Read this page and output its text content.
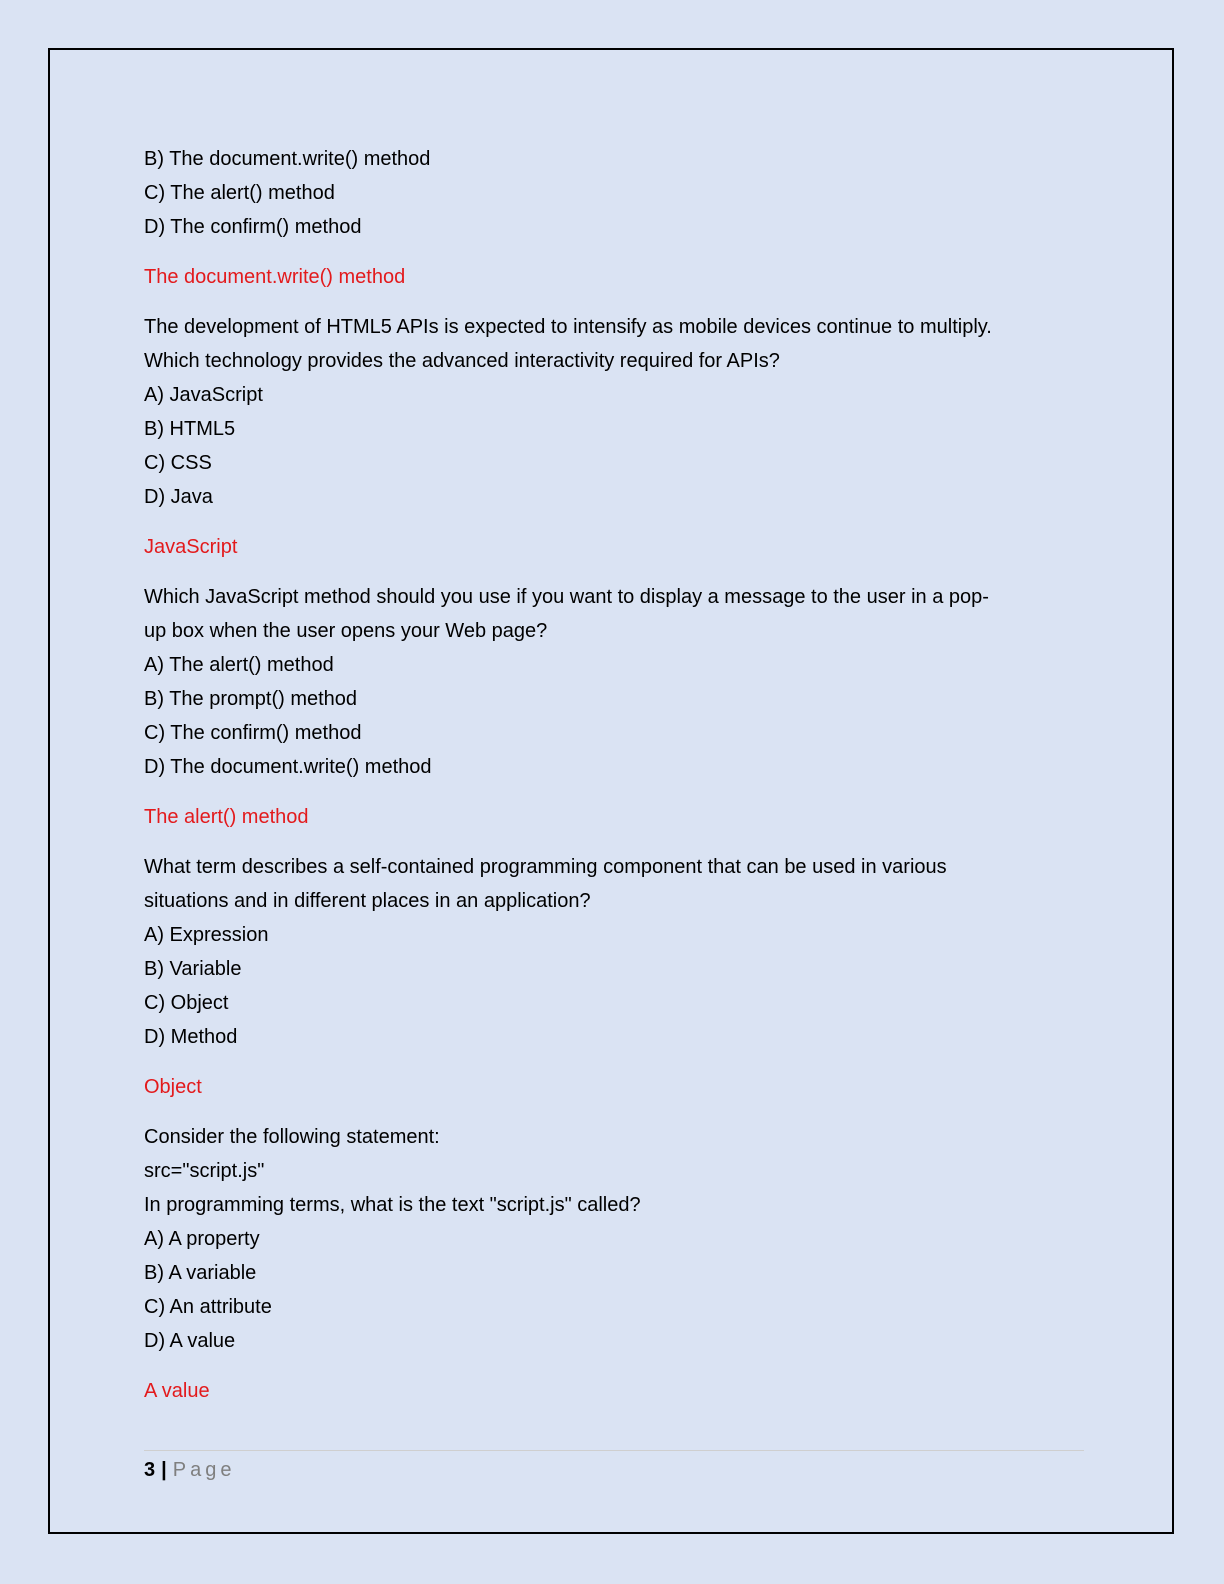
B) The document.write() method
C) The alert() method
D) The confirm() method
The document.write() method
The development of HTML5 APIs is expected to intensify as mobile devices continue to multiply.
Which technology provides the advanced interactivity required for APIs?
A) JavaScript
B) HTML5
C) CSS
D) Java
JavaScript
Which JavaScript method should you use if you want to display a message to the user in a pop-
up box when the user opens your Web page?
A) The alert() method
B) The prompt() method
C) The confirm() method
D) The document.write() method
The alert() method
What term describes a self-contained programming component that can be used in various
situations and in different places in an application?
A) Expression
B) Variable
C) Object
D) Method
Object
Consider the following statement:
src="script.js"
In programming terms, what is the text "script.js" called?
A) A property
B) A variable
C) An attribute
D) A value
A value
3 | Page
